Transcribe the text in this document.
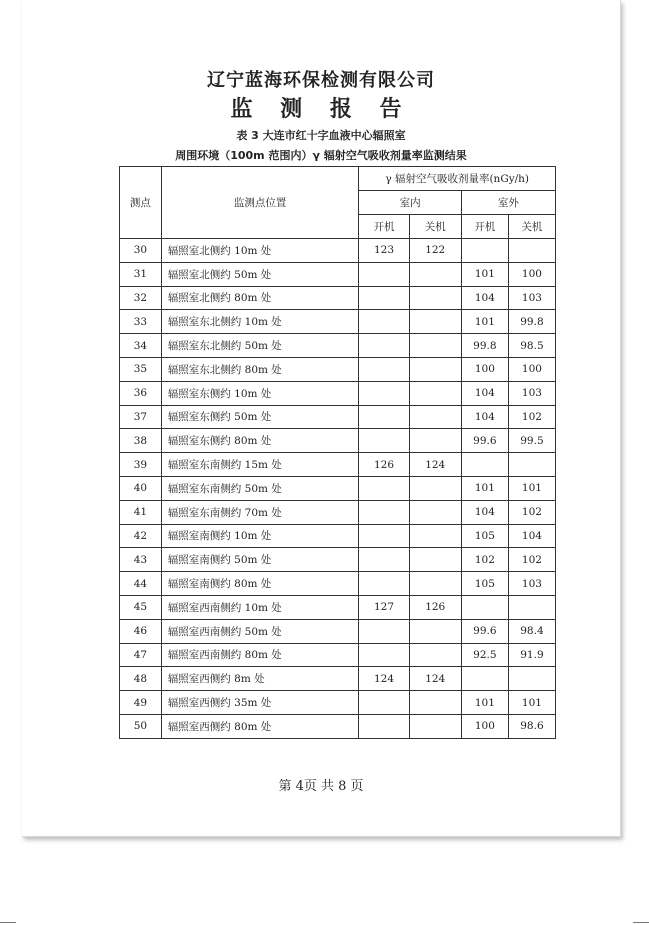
辽宁蓝海环保检测有限公司
监 测 报 告
表 3 大连市红十字血液中心辐照室
周围环境（100m 范围内）γ 辐射空气吸收剂量率监测结果
测点	监测点位置	γ 辐射空气吸收剂量率(nGy/h)			
		室内		室外	
		开机	关机	开机	关机
30	辐照室北侧约 10m 处	123	122		
31	辐照室北侧约 50m 处			101	100
32	辐照室北侧约 80m 处			104	103
33	辐照室东北侧约 10m 处			101	99.8
34	辐照室东北侧约 50m 处			99.8	98.5
35	辐照室东北侧约 80m 处			100	100
36	辐照室东侧约 10m 处			104	103
37	辐照室东侧约 50m 处			104	102
38	辐照室东侧约 80m 处			99.6	99.5
39	辐照室东南侧约 15m 处	126	124		
40	辐照室东南侧约 50m 处			101	101
41	辐照室东南侧约 70m 处			104	102
42	辐照室南侧约 10m 处			105	104
43	辐照室南侧约 50m 处			102	102
44	辐照室南侧约 80m 处			105	103
45	辐照室西南侧约 10m 处	127	126		
46	辐照室西南侧约 50m 处			99.6	98.4
47	辐照室西南侧约 80m 处			92.5	91.9
48	辐照室西侧约 8m 处	124	124		
49	辐照室西侧约 35m 处			101	101
50	辐照室西侧约 80m 处			100	98.6
第 4页 共 8 页
